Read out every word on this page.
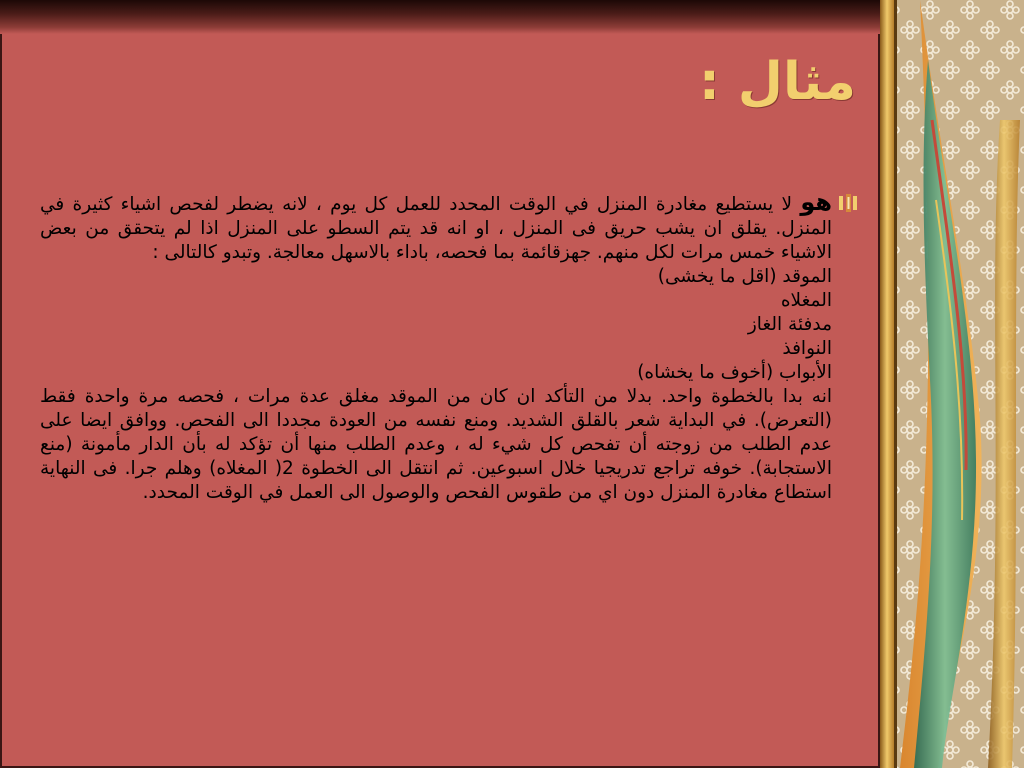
مثال :

هو لا يستطيع مغادرة المنزل في الوقت المحدد للعمل كل يوم ، لانه يضطر لفحص اشياء كثيرة في المنزل. يقلق ان يشب حريق فى المنزل ، او انه قد يتم السطو على المنزل اذا لم يتحقق من بعض الاشياء خمس مرات لكل منهم. جهزقائمة بما فحصه، باداء بالاسهل معالجة. وتبدو كالتالى :

الموقد (اقل ما يخشى)

المغلاه

مدفئة الغاز

النوافذ

الأبواب (أخوف ما يخشاه)

انه بدا بالخطوة واحد. بدلا من التأكد ان كان من الموقد مغلق عدة مرات ، فحصه مرة واحدة فقط (التعرض). في البداية شعر بالقلق الشديد. ومنع نفسه من العودة مجددا الى الفحص. ووافق ايضا على عدم الطلب من زوجته أن تفحص كل شيء له ، وعدم الطلب منها أن تؤكد له بأن الدار مأمونة (منع الاستجابة). خوفه تراجع تدريجيا خلال اسبوعين. ثم انتقل الى الخطوة 2( المغلاه) وهلم جرا. فى النهاية استطاع مغادرة المنزل دون اي من طقوس الفحص والوصول الى العمل في الوقت المحدد.
